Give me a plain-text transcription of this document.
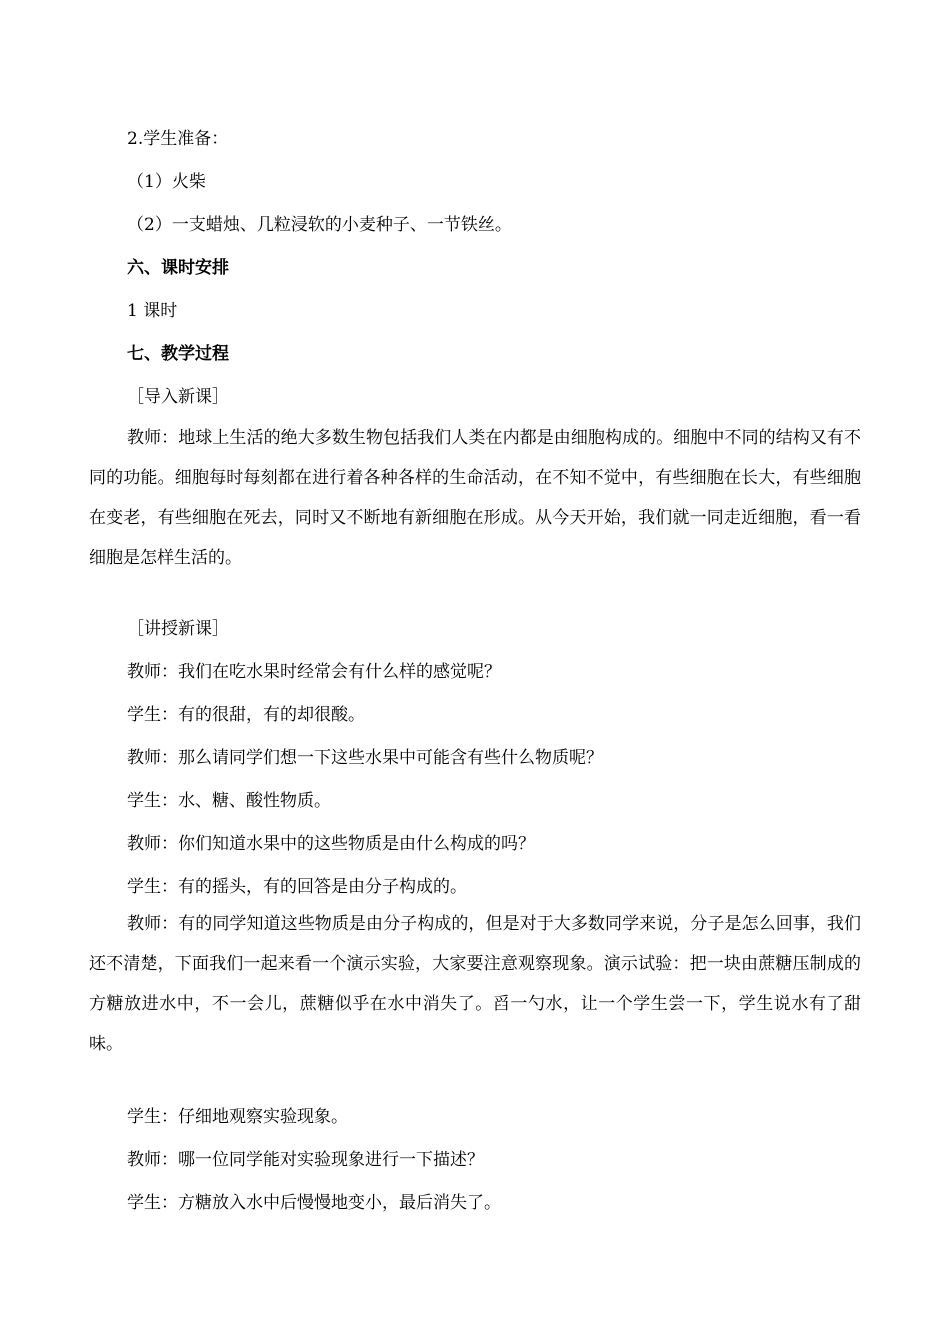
2.学生准备：
（1）火柴
（2）一支蜡烛、几粒浸软的小麦种子、一节铁丝。
六、课时安排
1 课时
七、教学过程
［导入新课］
教师：地球上生活的绝大多数生物包括我们人类在内都是由细胞构成的。细胞中不同的结构又有不同的功能。细胞每时每刻都在进行着各种各样的生命活动，在不知不觉中，有些细胞在长大，有些细胞在变老，有些细胞在死去，同时又不断地有新细胞在形成。从今天开始，我们就一同走近细胞，看一看细胞是怎样生活的。
［讲授新课］
教师：我们在吃水果时经常会有什么样的感觉呢？
学生：有的很甜，有的却很酸。
教师：那么请同学们想一下这些水果中可能含有些什么物质呢？
学生：水、糖、酸性物质。
教师：你们知道水果中的这些物质是由什么构成的吗？
学生：有的摇头，有的回答是由分子构成的。
教师：有的同学知道这些物质是由分子构成的，但是对于大多数同学来说，分子是怎么回事，我们还不清楚，下面我们一起来看一个演示实验，大家要注意观察现象。演示试验：把一块由蔗糖压制成的方糖放进水中，不一会儿，蔗糖似乎在水中消失了。舀一勺水，让一个学生尝一下，学生说水有了甜味。
学生：仔细地观察实验现象。
教师：哪一位同学能对实验现象进行一下描述？
学生：方糖放入水中后慢慢地变小，最后消失了。
